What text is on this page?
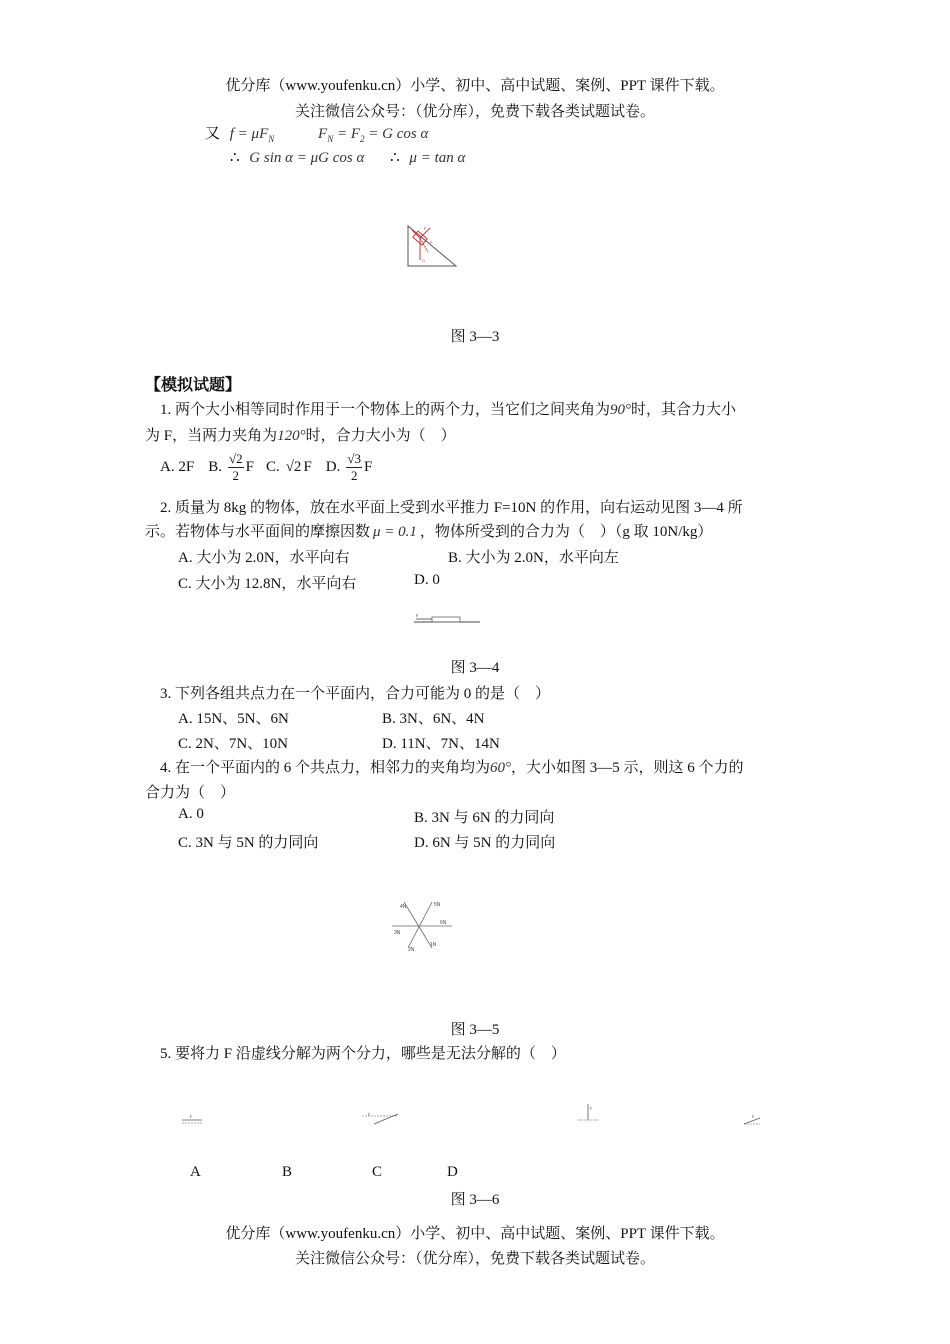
优分库（www.youfenku.cn）小学、初中、高中试题、案例、PPT 课件下载。
关注微信公众号：（优分库），免费下载各类试题试卷。
又 $f = \mu F_N$	$F_N = F_2 = G$ cos α
∴ G sin α = μG cos α ∴ μ = tan α
F
F
G
图 3—3
【模拟试题】
1. 两个大小相等同时作用于一个物体上的两个力，当它们之间夹角为90°时，其合力大小
为 F，当两力夹角为120°时，合力大小为（　）
A. 2F B. $\frac{√2}{2}$ F C. √2 F D. $\frac{√3}{2}$ F
2. 质量为 8kg 的物体，放在水平面上受到水平推力 F=10N 的作用，向右运动见图 3—4 所
示。若物体与水平面间的摩擦因数 μ = 0.1 ，物体所受到的合力为（　）（g 取 10N/kg）
A. 大小为 2.0N，水平向右	B. 大小为 2.0N，水平向左
C. 大小为 12.8N，水平向右	D. 0
F
图 3—4
3. 下列各组共点力在一个平面内，合力可能为 0 的是（　）
A. 15N、5N、6N	B. 3N、6N、4N
C. 2N、7N、10N	D. 11N、7N、14N
4. 在一个平面内的 6 个共点力，相邻力的夹角均为60°，大小如图 3—5 示，则这 6 个力的
合力为（　）
A. 0	B. 3N 与 6N 的力同向
C. 3N 与 5N 的力同向	D. 6N 与 5N 的力同向
4N	5N
6N
1N
2N
3N
图 3—5
5. 要将力 F 沿虚线分解为两个分力，哪些是无法分解的（　）
F	F
F
F
A	B	C	D
图 3—6
优分库（www.youfenku.cn）小学、初中、高中试题、案例、PPT 课件下载。
关注微信公众号：（优分库），免费下载各类试题试卷。
